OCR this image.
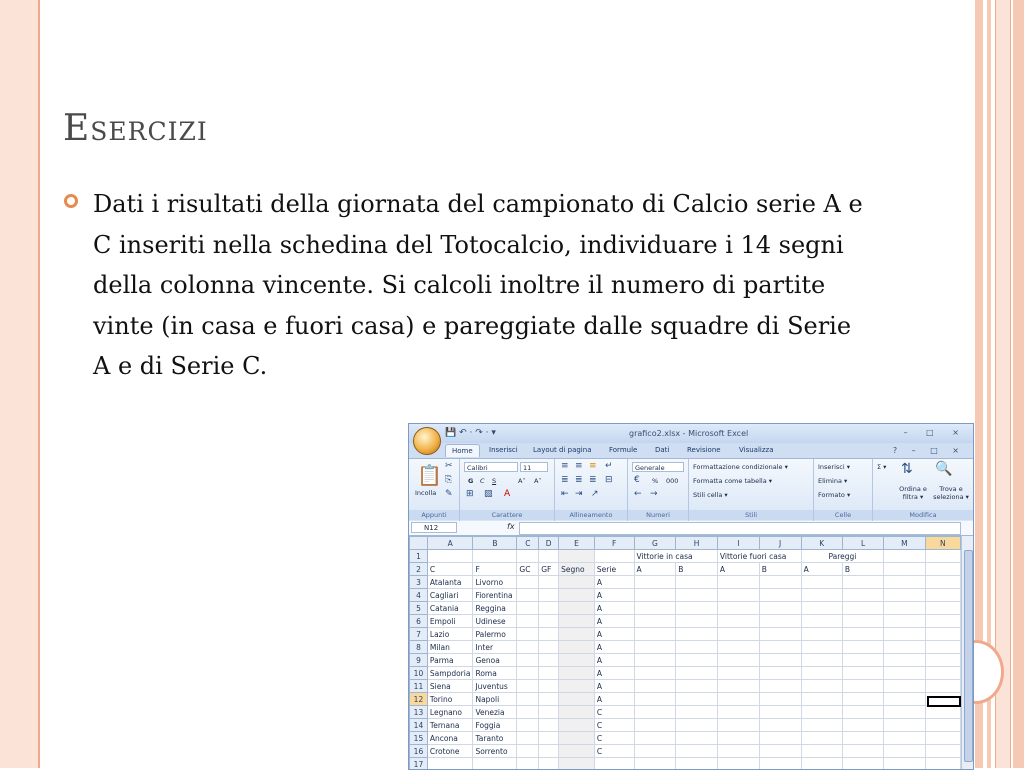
Esercizi
Dati i risultati della giornata del campionato di Calcio serie A e C inseriti nella schedina del Totocalcio, individuare i 14 segni della colonna vincente. Si calcoli inoltre il numero di partite vinte (in casa e fuori casa) e pareggiate dalle squadre di Serie A e di Serie C.
💾 ↶ · ↷ · ▾	grafico2.xlsx - Microsoft Excel	– □ ×
Home	Inserisci Layout di pagina	Formule	Dati	Revisione	Visualizza	? – □ ×
📋
Incolla
✂
⎘
✎
Appunti
Calibri	11
G C S	A˄ A˅
⊞ ▧ A
Carattere
≡ ≡ ≡ ↵
≣ ≣ ≣ ⊟
⇤ ⇥ ↗
Allineamento
Generale
€ % 000
← →
Numeri
Formattazione condizionale ▾
Formatta come tabella ▾
Stili cella ▾
Stili
Inserisci ▾
Elimina ▾
Formato ▾
Celle
Σ ▾ ⇅ 🔍
Ordina e filtra ▾
Trova e seleziona ▾
Modifica
N12	fx
	A	B	C	D	E	F	G	H	I	J	K	L	M	N
1							Vittorie in casa		Vittorie fuori casa		Pareggi			
2	C	F	GC	GF	Segno	Serie	A	B	A	B	A	B		
3	Atalanta	Livorno				A								
4	Cagliari	Fiorentina				A								
5	Catania	Reggina				A								
6	Empoli	Udinese				A								
7	Lazio	Palermo				A								
8	Milan	Inter				A								
9	Parma	Genoa				A								
10	Sampdoria	Roma				A								
11	Siena	Juventus				A								
12	Torino	Napoli				A								
13	Legnano	Venezia				C								
14	Ternana	Foggia				C								
15	Ancona	Taranto				C								
16	Crotone	Sorrento				C								
17														
